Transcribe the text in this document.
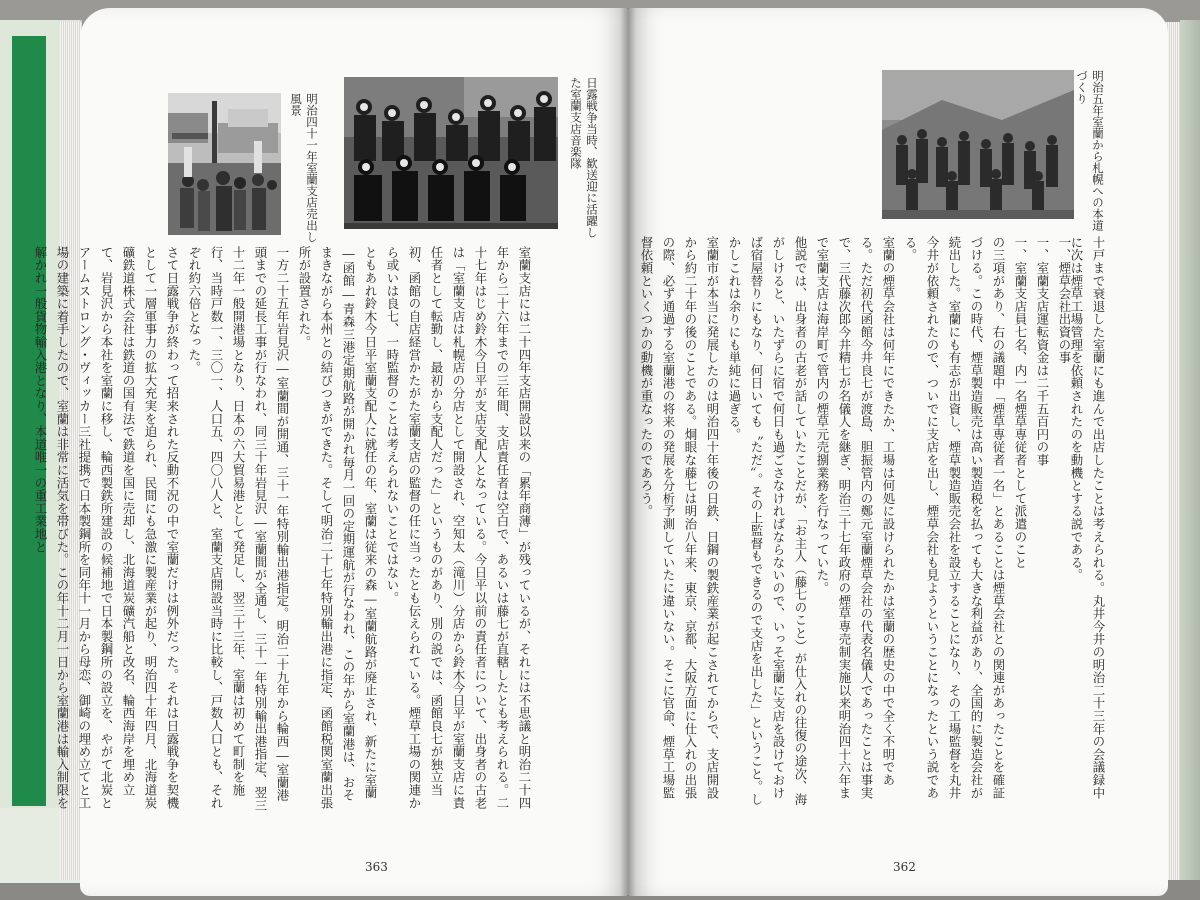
明治四十一年室蘭支店売出し風景	日露戦争当時、歓送迎に活躍した室蘭支店音楽隊

室蘭支店には二十四年支店開設以来の「累年商薄」が残っているが、それには不思議と明治二十四年から二十六年までの三年間、支店責任者は空白で、あるいは藤七が直轄したとも考えられる。二十七年はじめ鈴木今日平が支店支配人となっている。今日平以前の責任者について、出身者の古老は「室蘭支店は札幌店の分店として開設され、空知太（滝川）分店から鈴木今日平が室蘭支店に責任者として転勤し、最初から支配人だった」というものがあり、別の説では、函館良七が独立当初、函館の自店経営かたがた室蘭支店の監督の任に当ったとも伝えられている。煙草工場の関連から或いは良七、一時監督のことは考えられないことではない。

ともあれ鈴木今日平室蘭支配人に就任の年、室蘭は従来の森―室蘭航路が廃止され、新たに室蘭―函館―青森三港定期航路が開かれ毎月一回の定期運航が行なわれ、この年から室蘭港は、おそまきながら本州との結びつきができた。そして明治二十七年特別輸出港に指定、函館税関室蘭出張所が設置された。

一方二十五年岩見沢―室蘭間が開通、三十一年特別輸出港指定。明治二十九年から輪西―室蘭港頭までの延長工事が行なわれ、同三十年岩見沢―室蘭間が全通し、三十一年特別輸出港指定、翌三十二年一般開港場となり、日本の六大貿易港として発足し、翌三十三年、室蘭は初めて町制を施行、当時戸数一、三〇一、人口五、四〇八人と、室蘭支店開設当時に比較し、戸数人口とも、それぞれ約六倍となった。

さて日露戦争が終わって招来された反動不況の中で室蘭だけは例外だった。それは日露戦争を契機として一層軍事力の拡大充実を迫られ、民間にも急激に製産業が起り、明治四十年四月、北海道炭礦鉄道株式会社は鉄道の国有法で鉄道を国に売却し、北海道炭礦汽船と改名、輪西海岸を埋め立て、岩見沢から本社を室蘭に移し、輪西製鉄所建設の候補地で日本製鋼所の設立を、やがて北炭とアームストロング・ヴィッカー三社提携で日本製鋼所を同年十一月から母恋、御崎の埋め立てと工場の建築に着手したので、室蘭は非常に活気を帯びた。この年十二月一日から室蘭港は輸入制限を解かれ一般貨物輸入港となり、本道唯一の重工業地と

363
明治五年室蘭から札幌への本道づくり

十戸まで衰退した室蘭にも進んで出店したことは考えられる。丸井今井の明治二十三年の会議録中に次は煙草工場管理を依頼されたのを動機とする説である。

一、煙草会社出資の事

一、室蘭支店運転資金は二千五百円の事

一、室蘭支店員七名、内一名煙草専従者として派遣のこと

の三項があり、右の議題中「煙草専従者一名」とあることは煙草会社との関連があったことを確証づける。この時代、煙草製造販売は高い製造税を払っても大きな利益があり、全国的に製造会社が続出した。室蘭にも有志が出資し、煙草製造販売会社を設立することになり、その工場監督を丸井今井が依頼されたので、ついでに支店を出し、煙草会社も見ようということになったという説である。

室蘭の煙草会社は何年にできたか、工場は何処に設けられたかは室蘭の歴史の中で全く不明である。ただ初代函館今井良七が渡島、胆振管内の鄭元室蘭煙草会社の代表名儀人であったことは事実で、三代藤次郎今井精七が名儀人を継ぎ、明治三十七年政府の煙草専売制実施以来明治四十六年まで室蘭支店は海岸町で管内の煙草元売捌業務を行なっていた。

他説では、出身者の古老が話していたことだが、「お主人（藤七のこと）が仕入れの往復の途次、海がしけると、いたずらに宿で何日も過ごさなければならないので、いっそ室蘭に支店を設けておけば宿屋替りにもなり、何日いても〝ただ〟。その上監督もできるので支店を出した」ということ。しかしこれは余りにも単純に過ぎる。

室蘭市が本当に発展したのは明治四十年後の日鉄、日鋼の製鉄産業が起こされてからで、支店開設から約二十年の後のことである。炯眼な藤七は明治八年来、東京、京都、大阪方面に仕入れの出張の際、必ず通過する室蘭港の将来の発展を分析予測していたに違いない。そこに官命、煙草工場監督依頼といくつかの動機が重なったのであろう。

362
